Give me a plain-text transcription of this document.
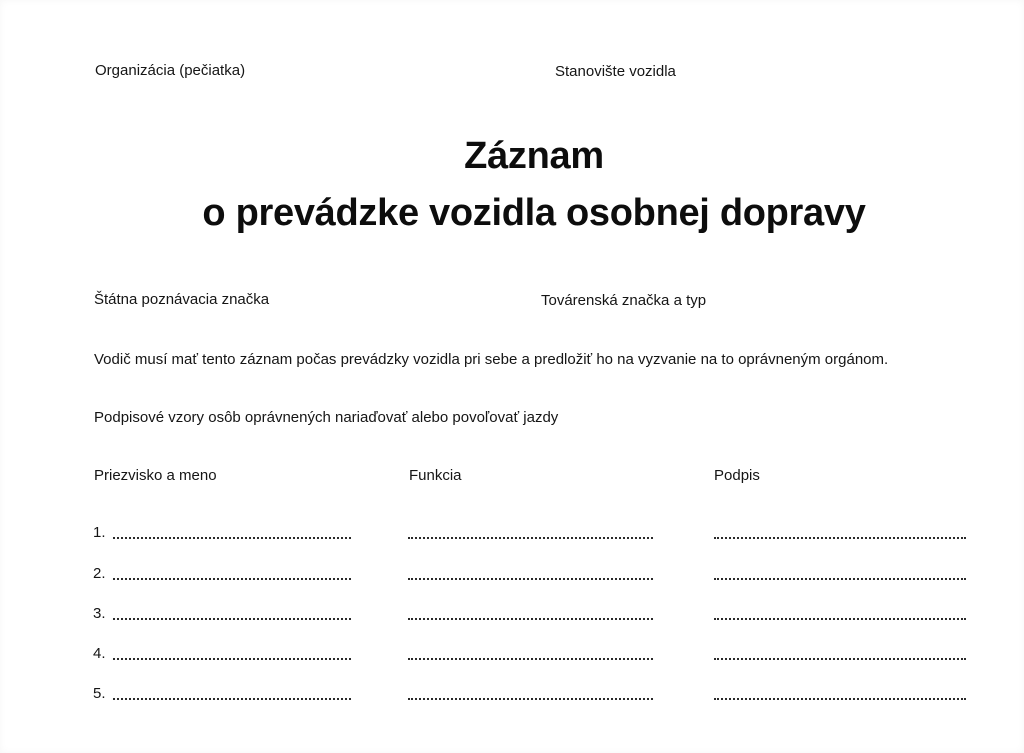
Organizácia (pečiatka)	Stanovište vozidla
Záznam
o prevádzke vozidla osobnej dopravy
Štátna poznávacia značka	Továrenská značka a typ
Vodič musí mať tento záznam počas prevádzky vozidla pri sebe a predložiť ho na vyzvanie na to oprávneným orgánom.
Podpisové vzory osôb oprávnených nariaďovať alebo povoľovať jazdy
Priezvisko a meno	Funkcia	Podpis
1.
2.
3.
4.
5.
